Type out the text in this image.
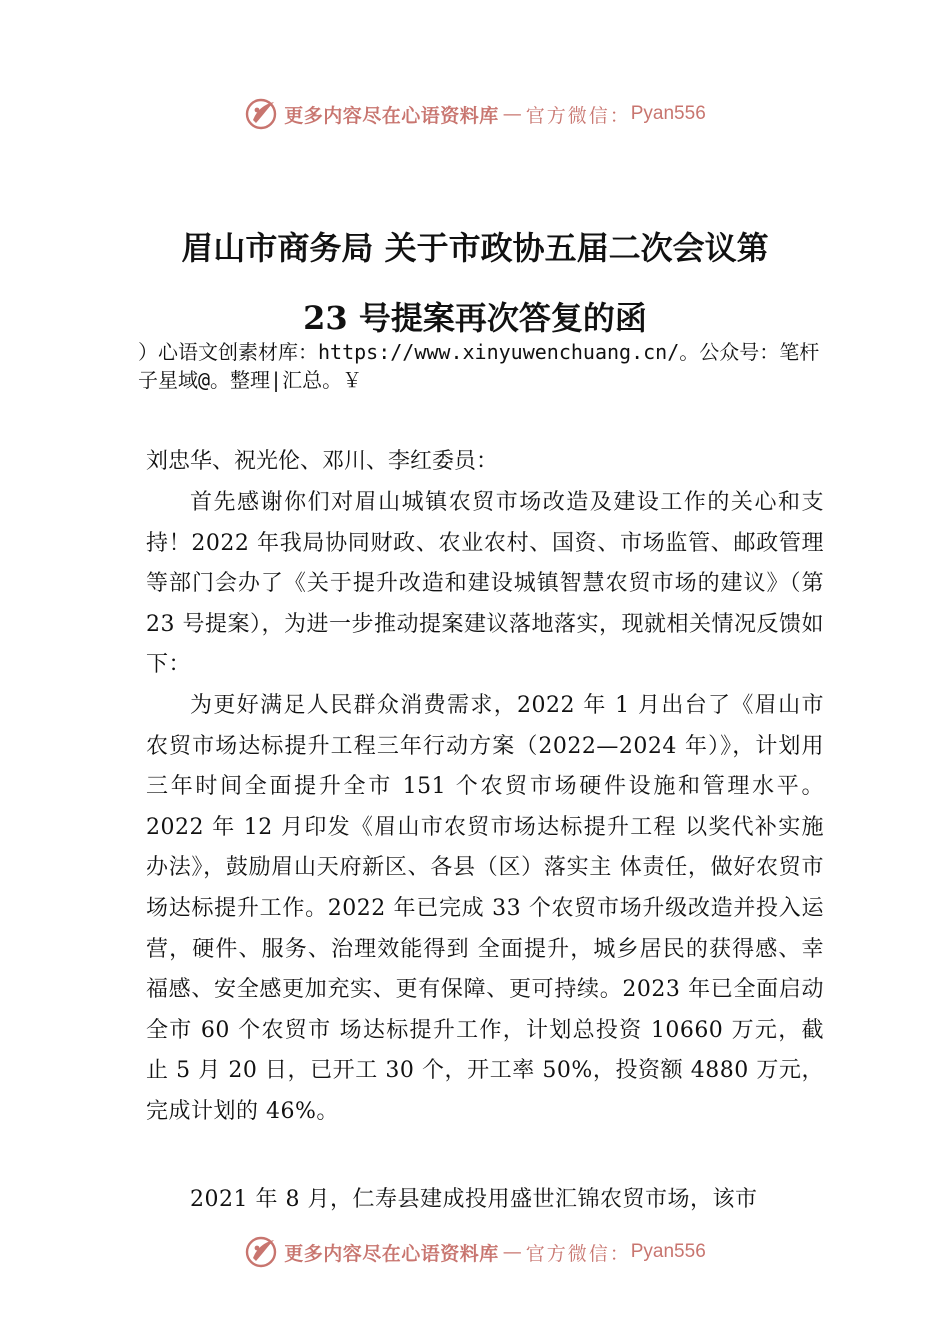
更多内容尽在心语资料库 — 官方微信： Pyan556
眉山市商务局 关于市政协五届二次会议第
23 号提案再次答复的函

）心语文创素材库：https://www.xinyuwenchuang.cn/。公众号：笔杆子星域@。整理|汇总。￥

刘忠华、祝光伦、邓川、李红委员：

首先感谢你们对眉山城镇农贸市场改造及建设工作的关心和支持！2022 年我局协同财政、农业农村、国资、市场监管、邮政管理等部门会办了《关于提升改造和建设城镇智慧农贸市场的建议》（第 23 号提案），为进一步推动提案建议落地落实，现就相关情况反馈如下：

为更好满足人民群众消费需求，2022 年 1 月出台了《眉山市农贸市场达标提升工程三年行动方案（2022—2024 年）》，计划用三年时间全面提升全市 151 个农贸市场硬件设施和管理水平。2022 年 12 月印发《眉山市农贸市场达标提升工程 以奖代补实施办法》，鼓励眉山天府新区、各县（区）落实主 体责任，做好农贸市场达标提升工作。2022 年已完成 33 个农贸市场升级改造并投入运营，硬件、服务、治理效能得到 全面提升，城乡居民的获得感、幸福感、安全感更加充实、更有保障、更可持续。2023 年已全面启动全市 60 个农贸市 场达标提升工作，计划总投资 10660 万元，截止 5 月 20 日，已开工 30 个，开工率 50%，投资额 4880 万元，完成计划的 46%。

2021 年 8 月，仁寿县建成投用盛世汇锦农贸市场，该市

更多内容尽在心语资料库 — 官方微信： Pyan556
